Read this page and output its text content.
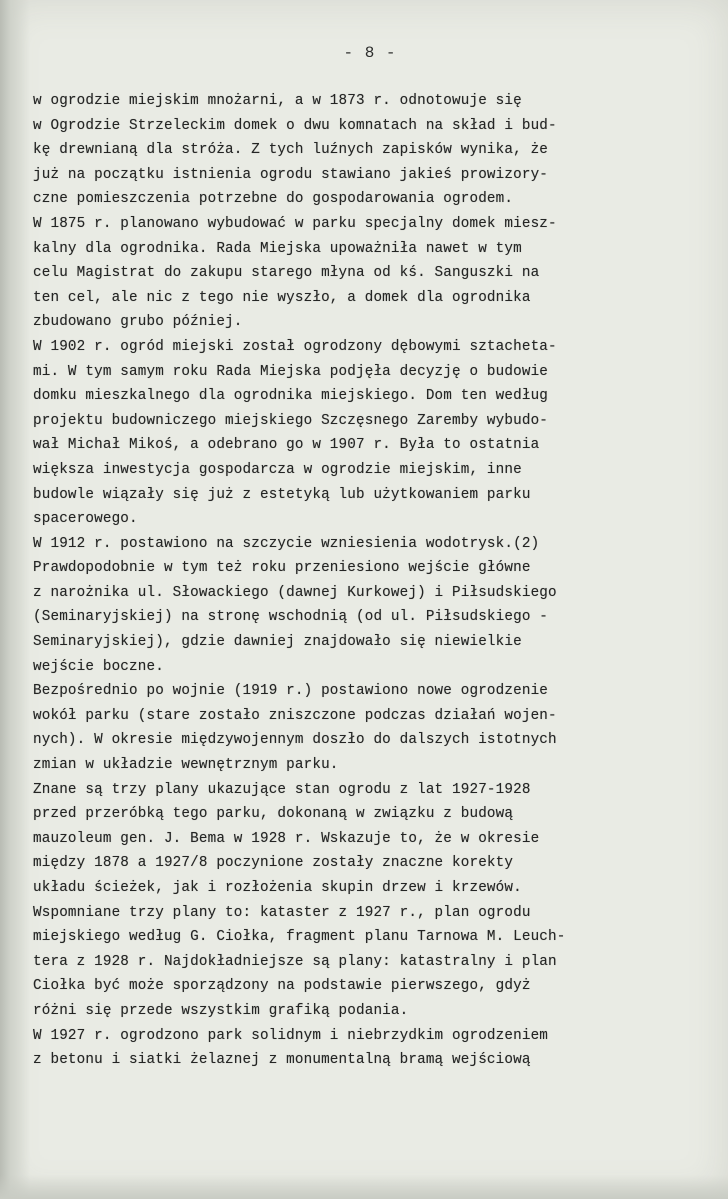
- 8 -
w ogrodzie miejskim mnożarni, a w 1873 r. odnotowuje się
w Ogrodzie Strzeleckim domek o dwu komnatach na skład i bud-
kę drewnianą dla stróża. Z tych luźnych zapisków wynika, że
już na początku istnienia ogrodu stawiano jakieś prowizory-
czne pomieszczenia potrzebne do gospodarowania ogrodem.
W 1875 r. planowano wybudować w parku specjalny domek miesz-
kalny dla ogrodnika. Rada Miejska upoważniła nawet w tym
celu Magistrat do zakupu starego młyna od kś. Sanguszki na
ten cel, ale nic z tego nie wyszło, a domek dla ogrodnika
zbudowano grubo później.
W 1902 r. ogród miejski został ogrodzony dębowymi sztacheta-
mi. W tym samym roku Rada Miejska podjęła decyzję o budowie
domku mieszkalnego dla ogrodnika miejskiego. Dom ten według
projektu budowniczego miejskiego Szczęsnego Zaremby wybudo-
wał Michał Mikoś, a odebrano go w 1907 r. Była to ostatnia
większa inwestycja gospodarcza w ogrodzie miejskim, inne
budowle wiązały się już z estetyką lub użytkowaniem parku
spacerowego.
W 1912 r. postawiono na szczycie wzniesienia wodotrysk.(2)
Prawdopodobnie w tym też roku przeniesiono wejście główne
z narożnika ul. Słowackiego (dawnej Kurkowej) i Piłsudskiego
(Seminaryjskiej) na stronę wschodnią (od ul. Piłsudskiego -
Seminaryjskiej), gdzie dawniej znajdowało się niewielkie
wejście boczne.
Bezpośrednio po wojnie (1919 r.) postawiono nowe ogrodzenie
wokół parku (stare zostało zniszczone podczas działań wojen-
nych). W okresie międzywojennym doszło do dalszych istotnych
zmian w układzie wewnętrznym parku.
Znane są trzy plany ukazujące stan ogrodu z lat 1927-1928
przed przeróbką tego parku, dokonaną w związku z budową
mauzoleum gen. J. Bema w 1928 r. Wskazuje to, że w okresie
między 1878 a 1927/8 poczynione zostały znaczne korekty
układu ścieżek, jak i rozłożenia skupin drzew i krzewów.
Wspomniane trzy plany to: kataster z 1927 r., plan ogrodu
miejskiego według G. Ciołka, fragment planu Tarnowa M. Leuch-
tera z 1928 r. Najdokładniejsze są plany: katastralny i plan
Ciołka być może sporządzony na podstawie pierwszego, gdyż
różni się przede wszystkim grafiką podania.
W 1927 r. ogrodzono park solidnym i niebrzydkim ogrodzeniem
z betonu i siatki żelaznej z monumentalną bramą wejściową
